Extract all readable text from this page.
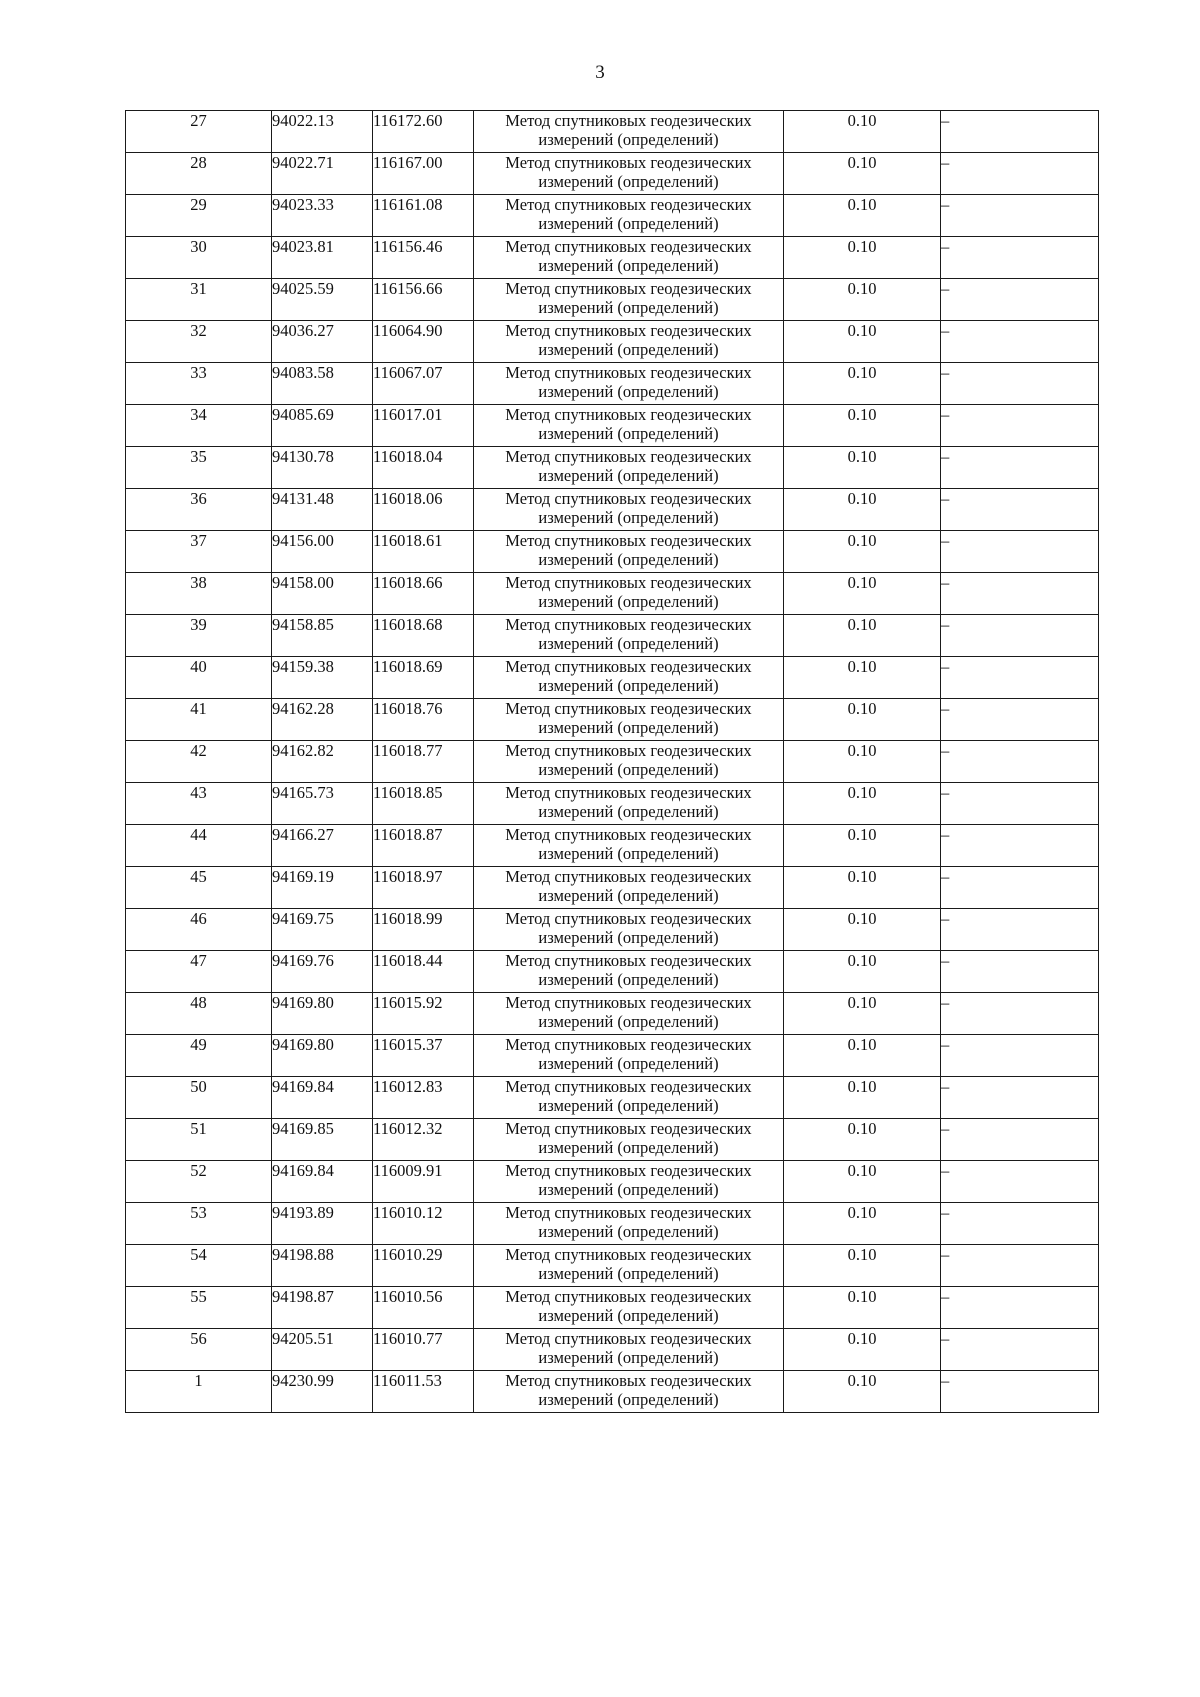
3
27	94022.13	116172.60	Метод спутниковых геодезических
измерений (определений)	0.10	–
28	94022.71	116167.00	Метод спутниковых геодезических
измерений (определений)	0.10	–
29	94023.33	116161.08	Метод спутниковых геодезических
измерений (определений)	0.10	–
30	94023.81	116156.46	Метод спутниковых геодезических
измерений (определений)	0.10	–
31	94025.59	116156.66	Метод спутниковых геодезических
измерений (определений)	0.10	–
32	94036.27	116064.90	Метод спутниковых геодезических
измерений (определений)	0.10	–
33	94083.58	116067.07	Метод спутниковых геодезических
измерений (определений)	0.10	–
34	94085.69	116017.01	Метод спутниковых геодезических
измерений (определений)	0.10	–
35	94130.78	116018.04	Метод спутниковых геодезических
измерений (определений)	0.10	–
36	94131.48	116018.06	Метод спутниковых геодезических
измерений (определений)	0.10	–
37	94156.00	116018.61	Метод спутниковых геодезических
измерений (определений)	0.10	–
38	94158.00	116018.66	Метод спутниковых геодезических
измерений (определений)	0.10	–
39	94158.85	116018.68	Метод спутниковых геодезических
измерений (определений)	0.10	–
40	94159.38	116018.69	Метод спутниковых геодезических
измерений (определений)	0.10	–
41	94162.28	116018.76	Метод спутниковых геодезических
измерений (определений)	0.10	–
42	94162.82	116018.77	Метод спутниковых геодезических
измерений (определений)	0.10	–
43	94165.73	116018.85	Метод спутниковых геодезических
измерений (определений)	0.10	–
44	94166.27	116018.87	Метод спутниковых геодезических
измерений (определений)	0.10	–
45	94169.19	116018.97	Метод спутниковых геодезических
измерений (определений)	0.10	–
46	94169.75	116018.99	Метод спутниковых геодезических
измерений (определений)	0.10	–
47	94169.76	116018.44	Метод спутниковых геодезических
измерений (определений)	0.10	–
48	94169.80	116015.92	Метод спутниковых геодезических
измерений (определений)	0.10	–
49	94169.80	116015.37	Метод спутниковых геодезических
измерений (определений)	0.10	–
50	94169.84	116012.83	Метод спутниковых геодезических
измерений (определений)	0.10	–
51	94169.85	116012.32	Метод спутниковых геодезических
измерений (определений)	0.10	–
52	94169.84	116009.91	Метод спутниковых геодезических
измерений (определений)	0.10	–
53	94193.89	116010.12	Метод спутниковых геодезических
измерений (определений)	0.10	–
54	94198.88	116010.29	Метод спутниковых геодезических
измерений (определений)	0.10	–
55	94198.87	116010.56	Метод спутниковых геодезических
измерений (определений)	0.10	–
56	94205.51	116010.77	Метод спутниковых геодезических
измерений (определений)	0.10	–
1	94230.99	116011.53	Метод спутниковых геодезических
измерений (определений)	0.10	–
